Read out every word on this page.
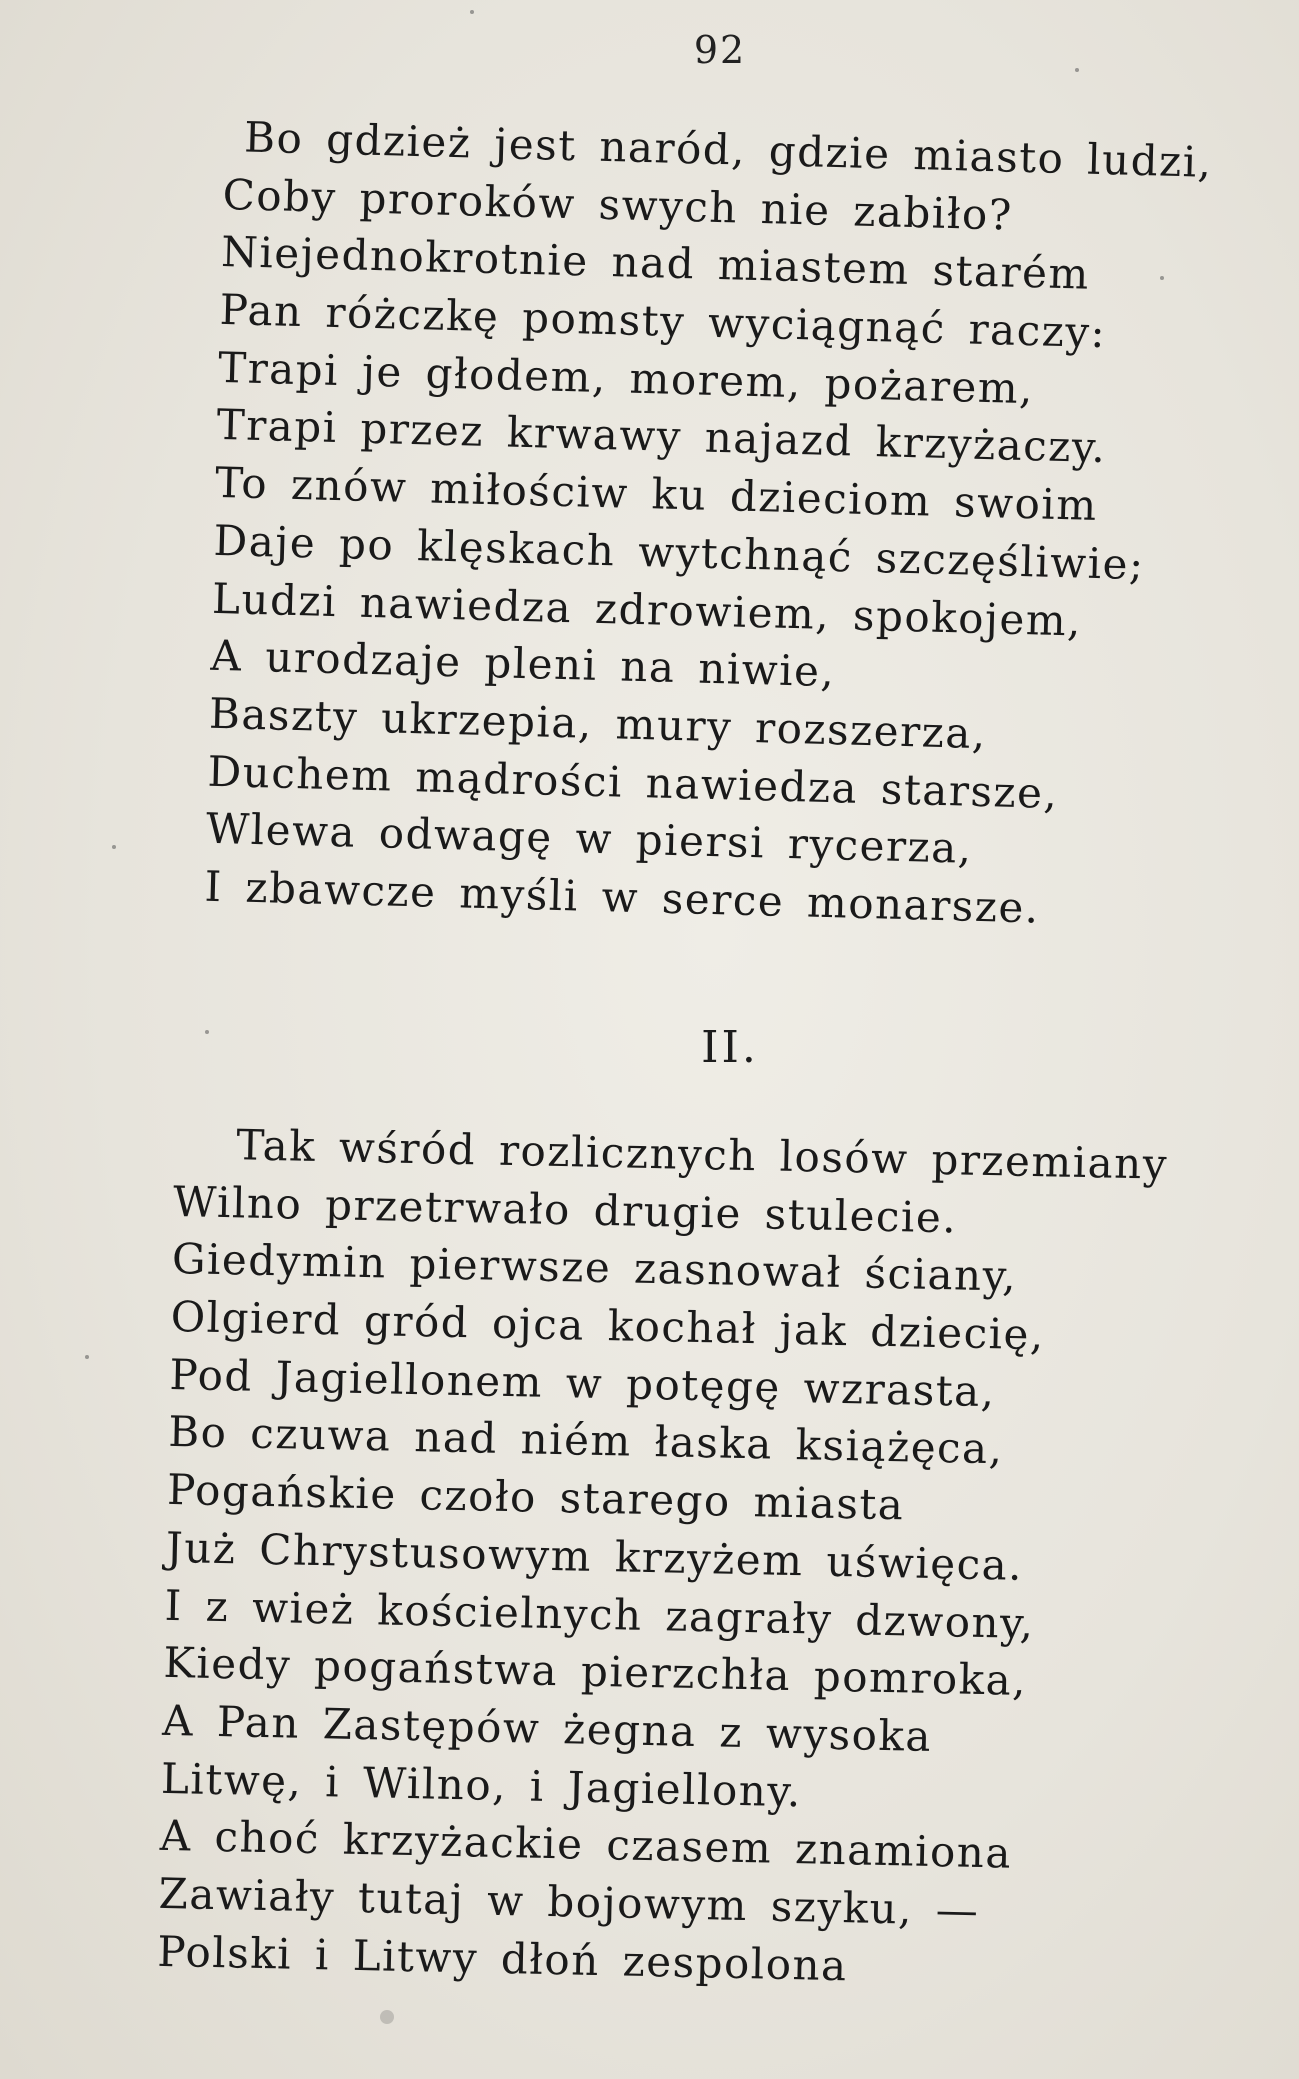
92
Bo gdzież jest naród, gdzie miasto ludzi,
Coby proroków swych nie zabiło?
Niejednokrotnie nad miastem starém
Pan różczkę pomsty wyciągnąć raczy:
Trapi je głodem, morem, pożarem,
Trapi przez krwawy najazd krzyżaczy.
To znów miłościw ku dzieciom swoim
Daje po klęskach wytchnąć szczęśliwie;
Ludzi nawiedza zdrowiem, spokojem,
A urodzaje pleni na niwie,
Baszty ukrzepia, mury rozszerza,
Duchem mądrości nawiedza starsze,
Wlewa odwagę w piersi rycerza,
I zbawcze myśli w serce monarsze.
II.
Tak wśród rozlicznych losów przemiany
Wilno przetrwało drugie stulecie.
Giedymin pierwsze zasnował ściany,
Olgierd gród ojca kochał jak dziecię,
Pod Jagiellonem w potęgę wzrasta,
Bo czuwa nad niém łaska książęca,
Pogańskie czoło starego miasta
Już Chrystusowym krzyżem uświęca.
I z wież kościelnych zagrały dzwony,
Kiedy pogaństwa pierzchła pomroka,
A Pan Zastępów żegna z wysoka
Litwę, i Wilno, i Jagiellony.
A choć krzyżackie czasem znamiona
Zawiały tutaj w bojowym szyku, —
Polski i Litwy dłoń zespolona
